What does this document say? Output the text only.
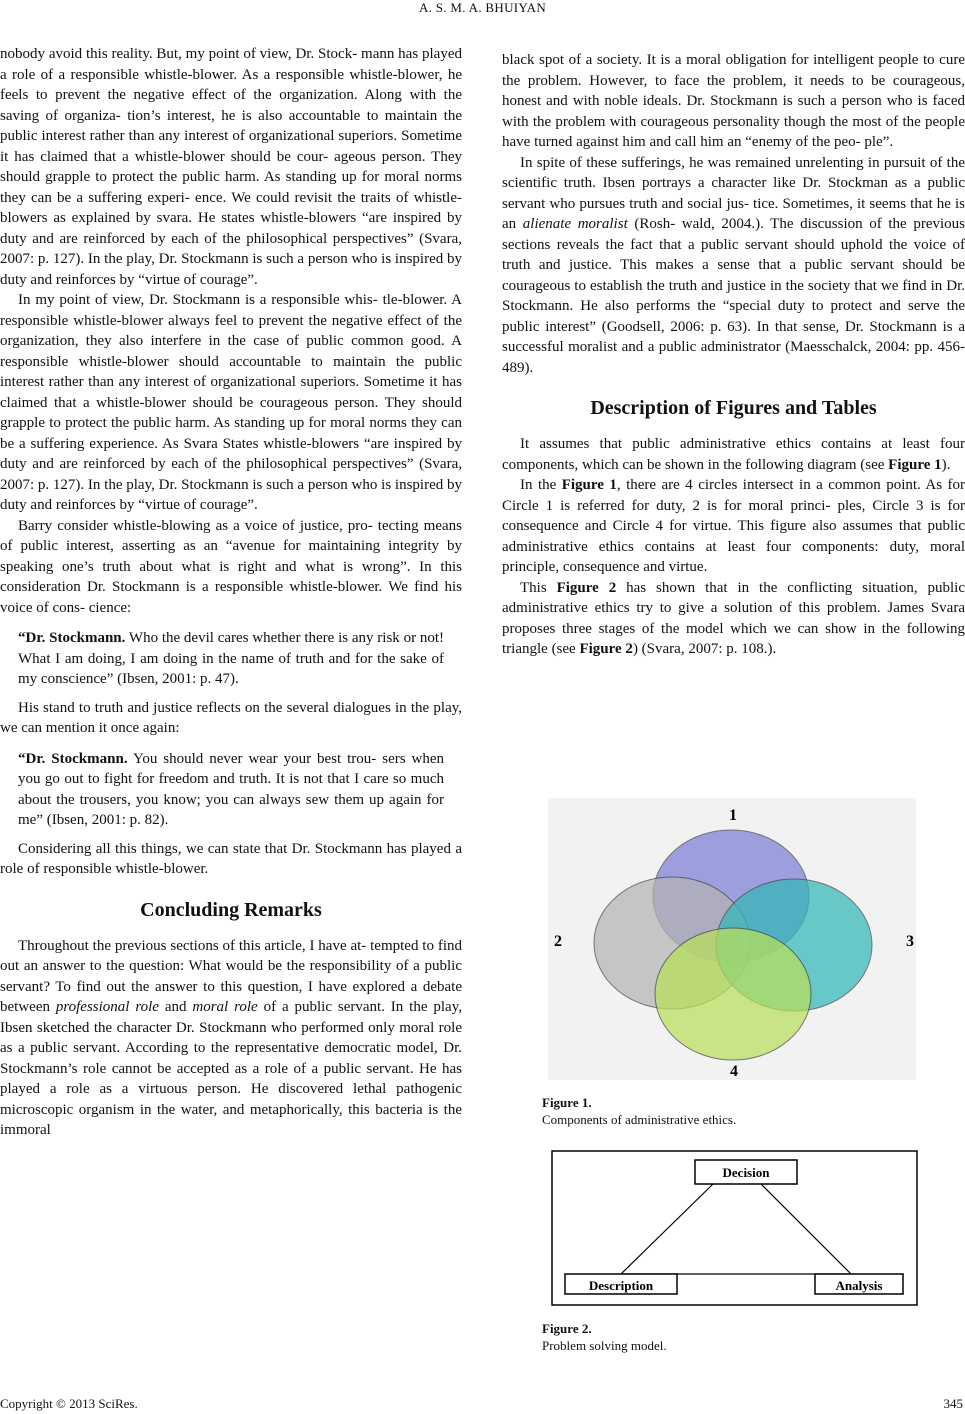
A. S. M. A. BHUIYAN

nobody avoid this reality. But, my point of view, Dr. Stock- mann has played a role of a responsible whistle-blower. As a responsible whistle-blower, he feels to prevent the negative effect of the organization. Along with the saving of organiza- tion’s interest, he is also accountable to maintain the public interest rather than any interest of organizational superiors. Sometime it has claimed that a whistle-blower should be cour- ageous person. They should grapple to protect the public harm. As standing up for moral norms they can be a suffering experi- ence. We could revisit the traits of whistle-blowers as explained by svara. He states whistle-blowers “are inspired by duty and are reinforced by each of the philosophical perspectives” (Svara, 2007: p. 127). In the play, Dr. Stockmann is such a person who is inspired by duty and reinforces by “virtue of courage”.

In my point of view, Dr. Stockmann is a responsible whis- tle-blower. A responsible whistle-blower always feel to prevent the negative effect of the organization, they also interfere in the case of public common good. A responsible whistle-blower should accountable to maintain the public interest rather than any interest of organizational superiors. Sometime it has claimed that a whistle-blower should be courageous person. They should grapple to protect the public harm. As standing up for moral norms they can be a suffering experience. As Svara States whistle-blowers “are inspired by duty and are reinforced by each of the philosophical perspectives” (Svara, 2007: p. 127). In the play, Dr. Stockmann is such a person who is inspired by duty and reinforces by “virtue of courage”.

Barry consider whistle-blowing as a voice of justice, pro- tecting means of public interest, asserting as an “avenue for maintaining integrity by speaking one’s truth about what is right and what is wrong”. In this consideration Dr. Stockmann is a responsible whistle-blower. We find his voice of cons- cience:

“Dr. Stockmann. Who the devil cares whether there is any risk or not! What I am doing, I am doing in the name of truth and for the sake of my conscience” (Ibsen, 2001: p. 47).

His stand to truth and justice reflects on the several dialogues in the play, we can mention it once again:

“Dr. Stockmann. You should never wear your best trou- sers when you go out to fight for freedom and truth. It is not that I care so much about the trousers, you know; you can always sew them up again for me” (Ibsen, 2001: p. 82).

Considering all this things, we can state that Dr. Stockmann has played a role of responsible whistle-blower.

Concluding Remarks

Throughout the previous sections of this article, I have at- tempted to find out an answer to the question: What would be the responsibility of a public servant? To find out the answer to this question, I have explored a debate between professional role and moral role of a public servant. In the play, Ibsen sketched the character Dr. Stockmann who performed only moral role as a public servant. According to the representative democratic model, Dr. Stockmann’s role cannot be accepted as a role of a public servant. He has played a role as a virtuous person. He discovered lethal pathogenic microscopic organism in the water, and metaphorically, this bacteria is the immoral

black spot of a society. It is a moral obligation for intelligent people to cure the problem. However, to face the problem, it needs to be courageous, honest and with noble ideals. Dr. Stockmann is such a person who is faced with the problem with courageous personality though the most of the people have turned against him and call him an “enemy of the peo- ple”.

In spite of these sufferings, he was remained unrelenting in pursuit of the scientific truth. Ibsen portrays a character like Dr. Stockman as a public servant who pursues truth and social jus- tice. Sometimes, it seems that he is an alienate moralist (Rosh- wald, 2004.). The discussion of the previous sections reveals the fact that a public servant should uphold the voice of truth and justice. This makes a sense that a public servant should be courageous to establish the truth and justice in the society that we find in Dr. Stockmann. He also performs the “special duty to protect and serve the public interest” (Goodsell, 2006: p. 63). In that sense, Dr. Stockmann is a successful moralist and a public administrator (Maesschalck, 2004: pp. 456-489).

Description of Figures and Tables

It assumes that public administrative ethics contains at least four components, which can be shown in the following diagram (see Figure 1).

In the Figure 1, there are 4 circles intersect in a common point. As for Circle 1 is referred for duty, 2 is for moral princi- ples, Circle 3 is for consequence and Circle 4 for virtue. This figure also assumes that public administrative ethics contains at least four components: duty, moral principle, consequence and virtue.

This Figure 2 has shown that in the conflicting situation, public administrative ethics try to give a solution of this problem. James Svara proposes three stages of the model which we can show in the following triangle (see Figure 2) (Svara, 2007: p. 108.).

1
2	3
4
Figure 1.
Components of administrative ethics.
Decision
Description	Analysis
Figure 2.
Problem solving model.
Copyright © 2013 SciRes.	345
